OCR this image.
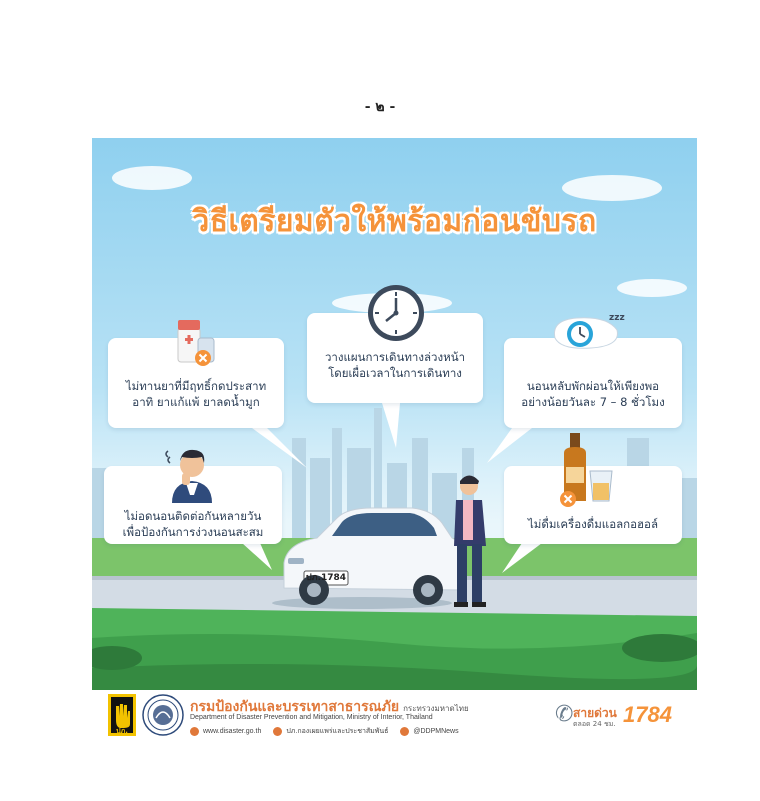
- ๒ -
วิธีเตรียมตัวให้พร้อมก่อนขับรถ
ไม่ทานยาที่มีฤทธิ์กดประสาท
อาทิ ยาแก้แพ้ ยาลดน้ำมูก
วางแผนการเดินทางล่วงหน้า
โดยเผื่อเวลาในการเดินทาง
นอนหลับพักผ่อนให้เพียงพอ
อย่างน้อยวันละ 7 – 8 ชั่วโมง
ไม่อดนอนติดต่อกันหลายวัน
เพื่อป้องกันการง่วงนอนสะสม
ไม่ดื่มเครื่องดื่มแอลกอฮอล์
zzz
ปภ.1784
ปภ.
กรมป้องกันและบรรเทาสาธารณภัย กระทรวงมหาดไทย
Department of Disaster Prevention and Mitigation, Ministry of Interior, Thailand
www.disaster.go.th
	ปภ.กองเผยแพร่และประชาสัมพันธ์
	@DDPMNews
✆ สายด่วน
ตลอด 24 ชม. 1784
